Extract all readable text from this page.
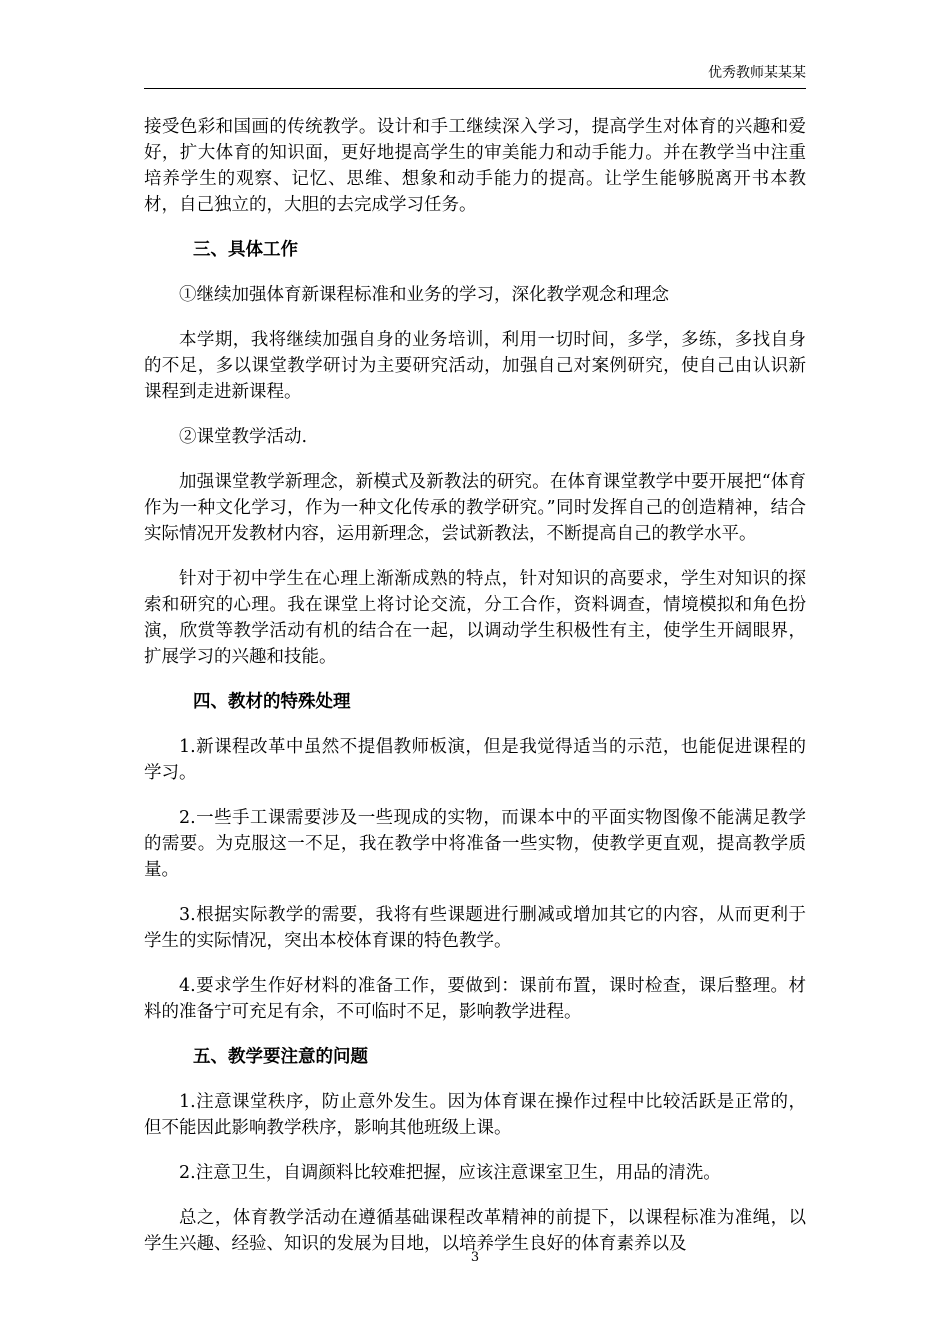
优秀教师某某某

接受色彩和国画的传统教学。设计和手工继续深入学习，提高学生对体育的兴趣和爱好，扩大体育的知识面，更好地提高学生的审美能力和动手能力。并在教学当中注重培养学生的观察、记忆、思维、想象和动手能力的提高。让学生能够脱离开书本教材，自己独立的，大胆的去完成学习任务。

三、具体工作

①继续加强体育新课程标准和业务的学习，深化教学观念和理念

本学期，我将继续加强自身的业务培训，利用一切时间，多学，多练，多找自身的不足，多以课堂教学研讨为主要研究活动，加强自己对案例研究，使自己由认识新课程到走进新课程。

②课堂教学活动.

加强课堂教学新理念，新模式及新教法的研究。在体育课堂教学中要开展把“体育作为一种文化学习，作为一种文化传承的教学研究。”同时发挥自己的创造精神，结合实际情况开发教材内容，运用新理念，尝试新教法，不断提高自己的教学水平。

针对于初中学生在心理上渐渐成熟的特点，针对知识的高要求，学生对知识的探索和研究的心理。我在课堂上将讨论交流，分工合作，资料调查，情境模拟和角色扮演，欣赏等教学活动有机的结合在一起，以调动学生积极性有主，使学生开阔眼界，扩展学习的兴趣和技能。

四、教材的特殊处理

1.新课程改革中虽然不提倡教师板演，但是我觉得适当的示范，也能促进课程的学习。

2.一些手工课需要涉及一些现成的实物，而课本中的平面实物图像不能满足教学的需要。为克服这一不足，我在教学中将准备一些实物，使教学更直观，提高教学质量。

3.根据实际教学的需要，我将有些课题进行删减或增加其它的内容，从而更利于学生的实际情况，突出本校体育课的特色教学。

4.要求学生作好材料的准备工作，要做到：课前布置，课时检查，课后整理。材料的准备宁可充足有余，不可临时不足，影响教学进程。

五、教学要注意的问题

1.注意课堂秩序，防止意外发生。因为体育课在操作过程中比较活跃是正常的，但不能因此影响教学秩序，影响其他班级上课。

2.注意卫生，自调颜料比较难把握，应该注意课室卫生，用品的清洗。

总之，体育教学活动在遵循基础课程改革精神的前提下，以课程标准为准绳，以学生兴趣、经验、知识的发展为目地，以培养学生良好的体育素养以及

3
